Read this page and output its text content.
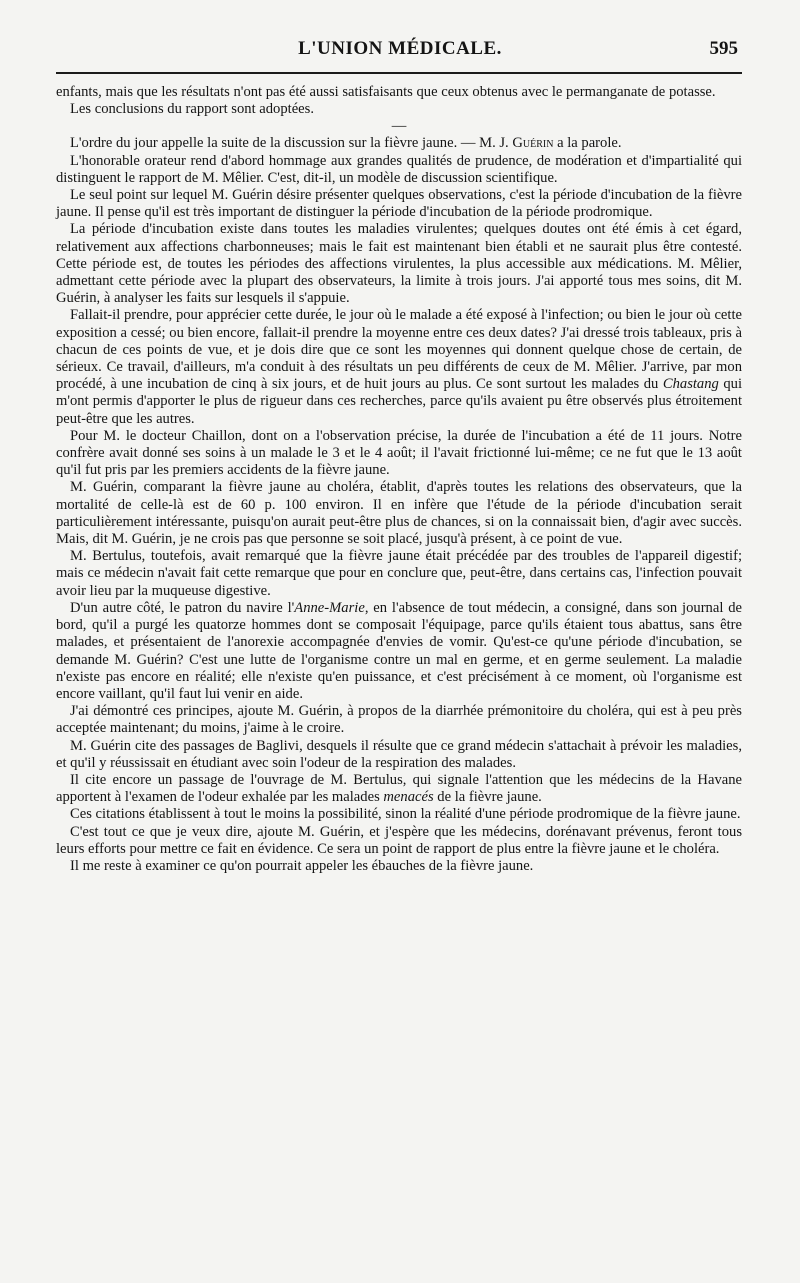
L'UNION MÉDICALE.	595

enfants, mais que les résultats n'ont pas été aussi satisfaisants que ceux obtenus avec le permanganate de potasse.

Les conclusions du rapport sont adoptées.

—

L'ordre du jour appelle la suite de la discussion sur la fièvre jaune. — M. J. Guérin a la parole.

L'honorable orateur rend d'abord hommage aux grandes qualités de prudence, de modération et d'impartialité qui distinguent le rapport de M. Mêlier. C'est, dit-il, un modèle de discussion scientifique.

Le seul point sur lequel M. Guérin désire présenter quelques observations, c'est la période d'incubation de la fièvre jaune. Il pense qu'il est très important de distinguer la période d'incubation de la période prodromique.

La période d'incubation existe dans toutes les maladies virulentes; quelques doutes ont été émis à cet égard, relativement aux affections charbonneuses; mais le fait est maintenant bien établi et ne saurait plus être contesté. Cette période est, de toutes les périodes des affections virulentes, la plus accessible aux médications. M. Mêlier, admettant cette période avec la plupart des observateurs, la limite à trois jours. J'ai apporté tous mes soins, dit M. Guérin, à analyser les faits sur lesquels il s'appuie.

Fallait-il prendre, pour apprécier cette durée, le jour où le malade a été exposé à l'infection; ou bien le jour où cette exposition a cessé; ou bien encore, fallait-il prendre la moyenne entre ces deux dates? J'ai dressé trois tableaux, pris à chacun de ces points de vue, et je dois dire que ce sont les moyennes qui donnent quelque chose de certain, de sérieux. Ce travail, d'ailleurs, m'a conduit à des résultats un peu différents de ceux de M. Mêlier. J'arrive, par mon procédé, à une incubation de cinq à six jours, et de huit jours au plus. Ce sont surtout les malades du Chastang qui m'ont permis d'apporter le plus de rigueur dans ces recherches, parce qu'ils avaient pu être observés plus étroitement peut-être que les autres.

Pour M. le docteur Chaillon, dont on a l'observation précise, la durée de l'incubation a été de 11 jours. Notre confrère avait donné ses soins à un malade le 3 et le 4 août; il l'avait frictionné lui-même; ce ne fut que le 13 août qu'il fut pris par les premiers accidents de la fièvre jaune.

M. Guérin, comparant la fièvre jaune au choléra, établit, d'après toutes les relations des observateurs, que la mortalité de celle-là est de 60 p. 100 environ. Il en infère que l'étude de la période d'incubation serait particulièrement intéressante, puisqu'on aurait peut-être plus de chances, si on la connaissait bien, d'agir avec succès. Mais, dit M. Guérin, je ne crois pas que personne se soit placé, jusqu'à présent, à ce point de vue.

M. Bertulus, toutefois, avait remarqué que la fièvre jaune était précédée par des troubles de l'appareil digestif; mais ce médecin n'avait fait cette remarque que pour en conclure que, peut-être, dans certains cas, l'infection pouvait avoir lieu par la muqueuse digestive.

D'un autre côté, le patron du navire l'Anne-Marie, en l'absence de tout médecin, a consigné, dans son journal de bord, qu'il a purgé les quatorze hommes dont se composait l'équipage, parce qu'ils étaient tous abattus, sans être malades, et présentaient de l'anorexie accompagnée d'envies de vomir. Qu'est-ce qu'une période d'incubation, se demande M. Guérin? C'est une lutte de l'organisme contre un mal en germe, et en germe seulement. La maladie n'existe pas encore en réalité; elle n'existe qu'en puissance, et c'est précisément à ce moment, où l'organisme est encore vaillant, qu'il faut lui venir en aide.

J'ai démontré ces principes, ajoute M. Guérin, à propos de la diarrhée prémonitoire du choléra, qui est à peu près acceptée maintenant; du moins, j'aime à le croire.

M. Guérin cite des passages de Baglivi, desquels il résulte que ce grand médecin s'attachait à prévoir les maladies, et qu'il y réussissait en étudiant avec soin l'odeur de la respiration des malades.

Il cite encore un passage de l'ouvrage de M. Bertulus, qui signale l'attention que les médecins de la Havane apportent à l'examen de l'odeur exhalée par les malades menacés de la fièvre jaune.

Ces citations établissent à tout le moins la possibilité, sinon la réalité d'une période prodromique de la fièvre jaune.

C'est tout ce que je veux dire, ajoute M. Guérin, et j'espère que les médecins, dorénavant prévenus, feront tous leurs efforts pour mettre ce fait en évidence. Ce sera un point de rapport de plus entre la fièvre jaune et le choléra.

Il me reste à examiner ce qu'on pourrait appeler les ébauches de la fièvre jaune.
